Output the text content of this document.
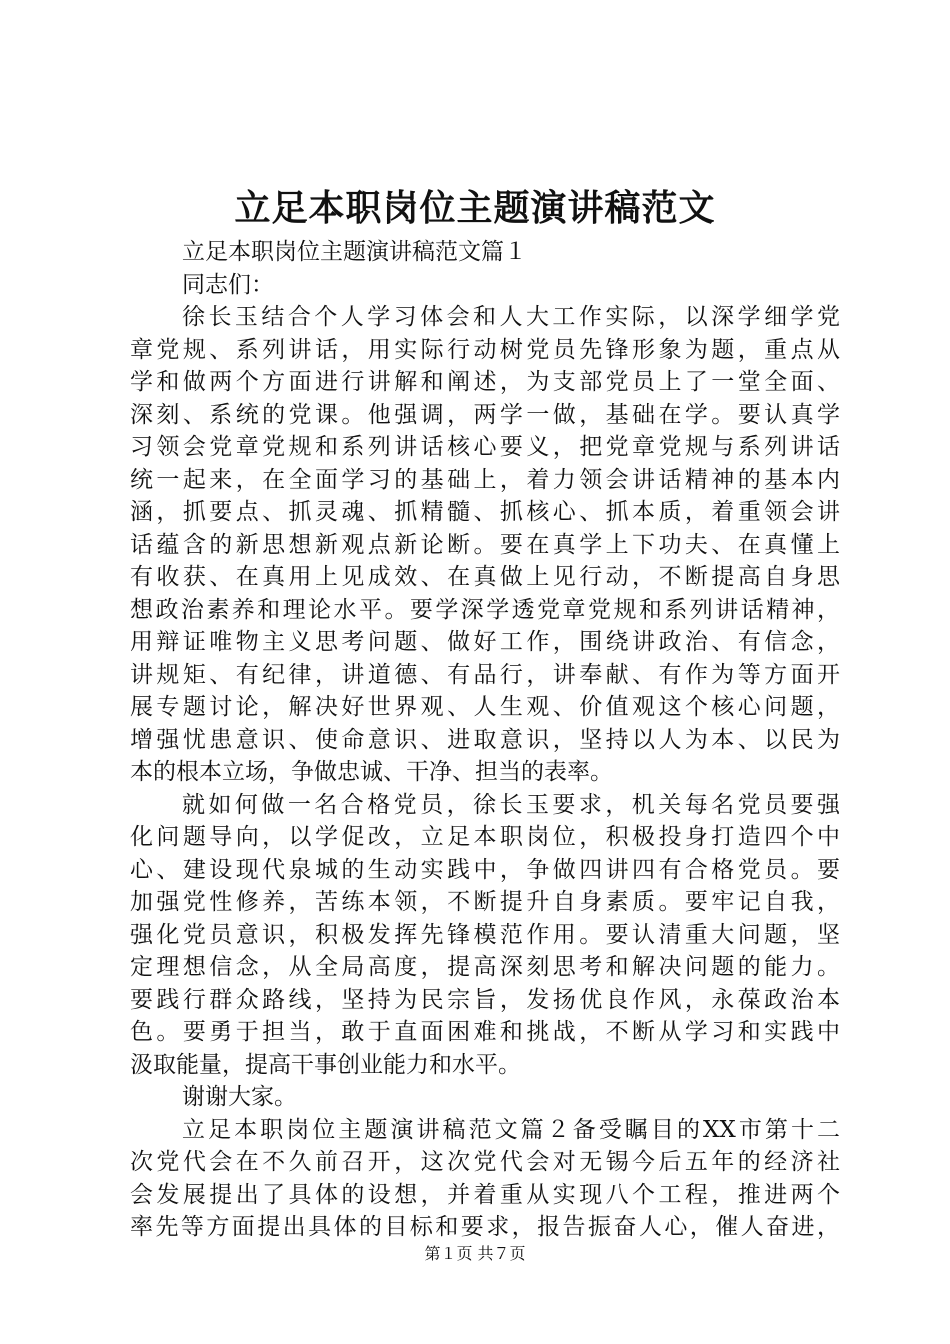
立足本职岗位主题演讲稿范文
立足本职岗位主题演讲稿范文篇１
同志们：
徐长玉结合个人学习体会和人大工作实际，以深学细学党
章党规、系列讲话，用实际行动树党员先锋形象为题，重点从
学和做两个方面进行讲解和阐述，为支部党员上了一堂全面、
深刻、系统的党课。他强调，两学一做，基础在学。要认真学
习领会党章党规和系列讲话核心要义，把党章党规与系列讲话
统一起来，在全面学习的基础上，着力领会讲话精神的基本内
涵，抓要点、抓灵魂、抓精髓、抓核心、抓本质，着重领会讲
话蕴含的新思想新观点新论断。要在真学上下功夫、在真懂上
有收获、在真用上见成效、在真做上见行动，不断提高自身思
想政治素养和理论水平。要学深学透党章党规和系列讲话精神，
用辩证唯物主义思考问题、做好工作，围绕讲政治、有信念，
讲规矩、有纪律，讲道德、有品行，讲奉献、有作为等方面开
展专题讨论，解决好世界观、人生观、价值观这个核心问题，
增强忧患意识、使命意识、进取意识，坚持以人为本、以民为
本的根本立场，争做忠诚、干净、担当的表率。
就如何做一名合格党员，徐长玉要求，机关每名党员要强
化问题导向，以学促改，立足本职岗位，积极投身打造四个中
心、建设现代泉城的生动实践中，争做四讲四有合格党员。要
加强党性修养，苦练本领，不断提升自身素质。要牢记自我，
强化党员意识，积极发挥先锋模范作用。要认清重大问题，坚
定理想信念，从全局高度，提高深刻思考和解决问题的能力。
要践行群众路线，坚持为民宗旨，发扬优良作风，永葆政治本
色。要勇于担当，敢于直面困难和挑战，不断从学习和实践中
汲取能量，提高干事创业能力和水平。
谢谢大家。
立足本职岗位主题演讲稿范文篇２备受瞩目的XX市第十二
次党代会在不久前召开，这次党代会对无锡今后五年的经济社
会发展提出了具体的设想，并着重从实现八个工程，推进两个
率先等方面提出具体的目标和要求，报告振奋人心，催人奋进，
第１页 共７页
